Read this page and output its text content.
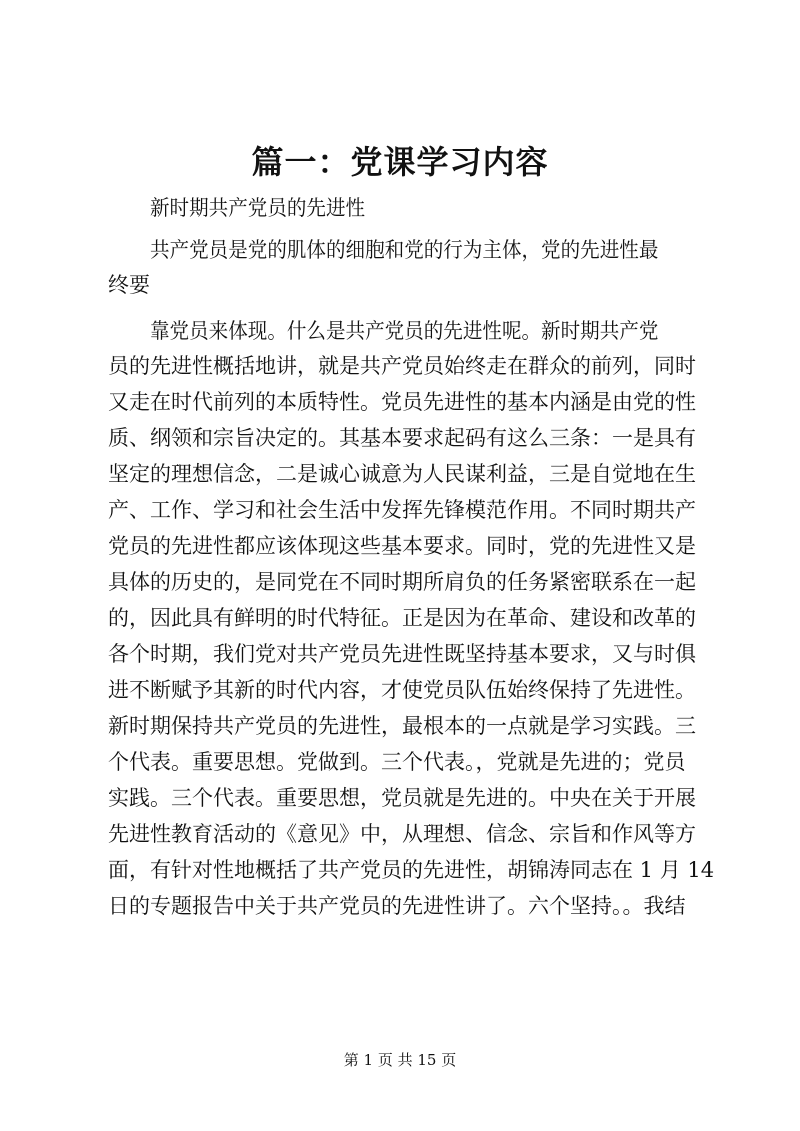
篇一：党课学习内容
新时期共产党员的先进性
共产党员是党的肌体的细胞和党的行为主体，党的先进性最
终要
靠党员来体现。什么是共产党员的先进性呢。新时期共产党
员的先进性概括地讲，就是共产党员始终走在群众的前列，同时
又走在时代前列的本质特性。党员先进性的基本内涵是由党的性
质、纲领和宗旨决定的。其基本要求起码有这么三条：一是具有
坚定的理想信念，二是诚心诚意为人民谋利益，三是自觉地在生
产、工作、学习和社会生活中发挥先锋模范作用。不同时期共产
党员的先进性都应该体现这些基本要求。同时，党的先进性又是
具体的历史的，是同党在不同时期所肩负的任务紧密联系在一起
的，因此具有鲜明的时代特征。正是因为在革命、建设和改革的
各个时期，我们党对共产党员先进性既坚持基本要求，又与时俱
进不断赋予其新的时代内容，才使党员队伍始终保持了先进性。
新时期保持共产党员的先进性，最根本的一点就是学习实践。三
个代表。重要思想。党做到。三个代表。，党就是先进的；党员
实践。三个代表。重要思想，党员就是先进的。中央在关于开展
先进性教育活动的《意见》中，从理想、信念、宗旨和作风等方
面，有针对性地概括了共产党员的先进性，胡锦涛同志在 1 月 14
日的专题报告中关于共产党员的先进性讲了。六个坚持。。我结
第 1 页 共 15 页
